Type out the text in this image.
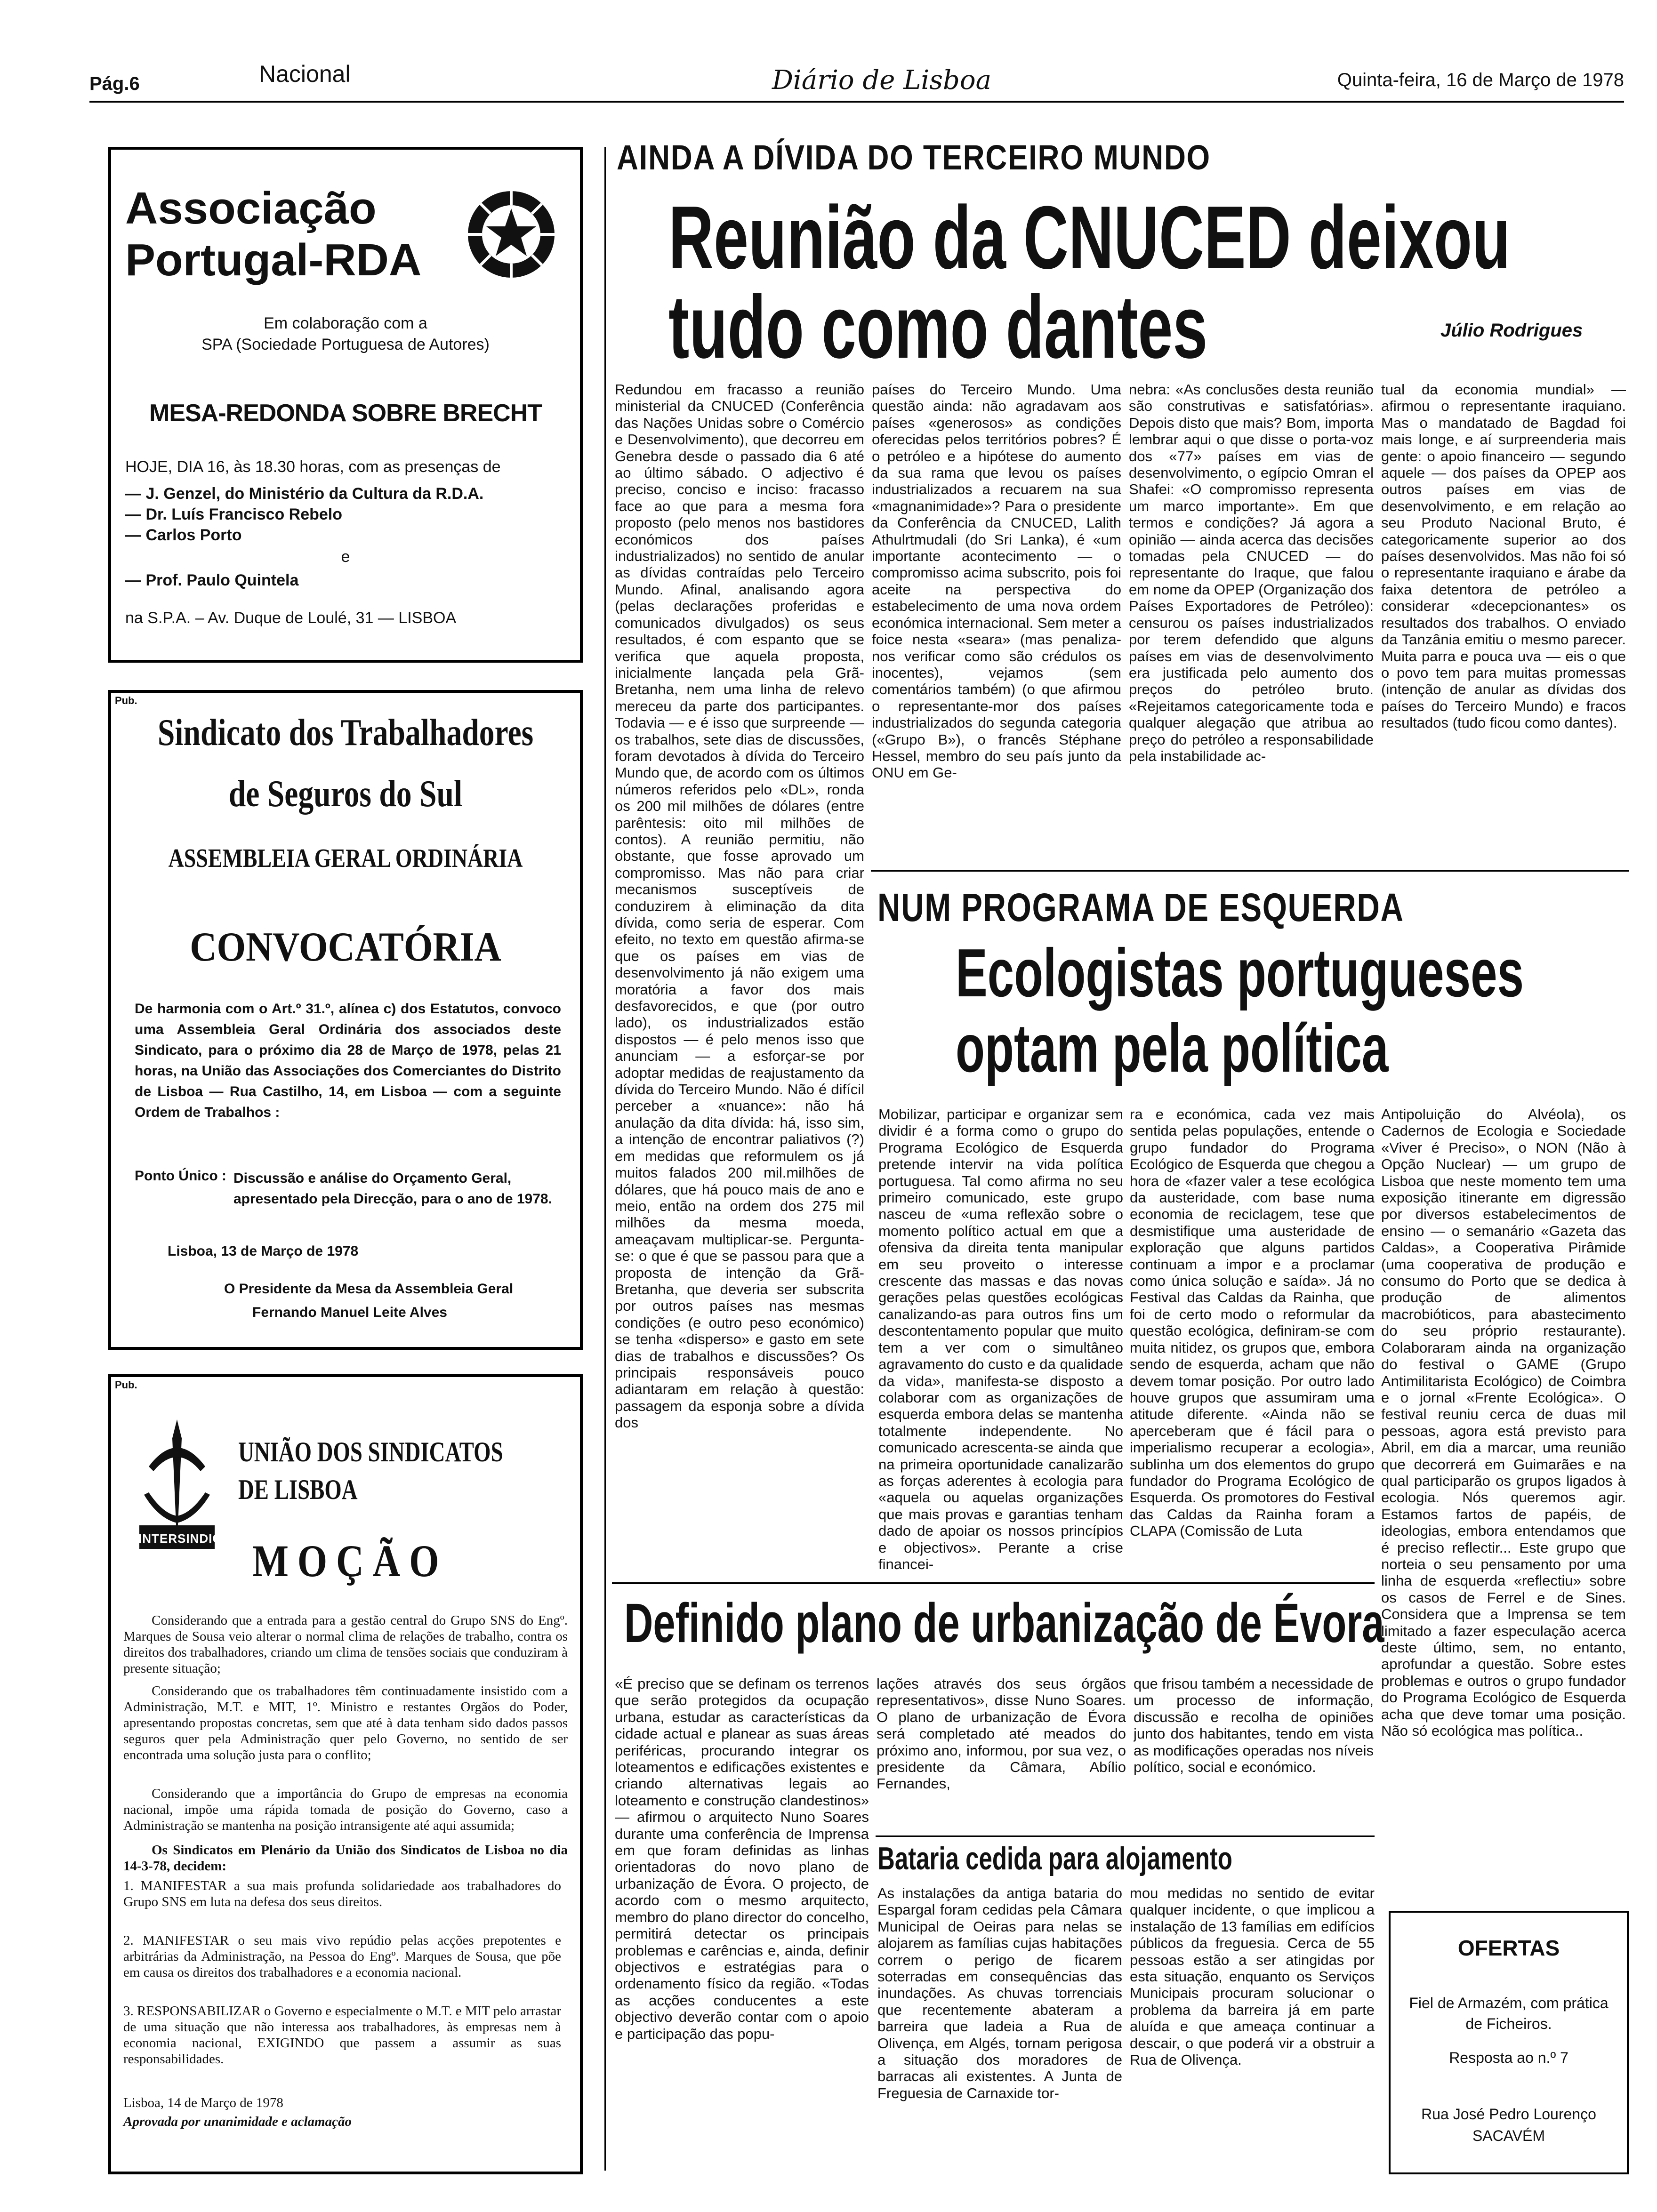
Pág.6	Nacional	Diário de Lisboa	Quinta-feira, 16 de Março de 1978
Associação
Portugal-RDA
Em colaboração com a
SPA (Sociedade Portuguesa de Autores)
MESA-REDONDA SOBRE BRECHT
HOJE, DIA 16, às 18.30 horas, com as presenças de
— J. Genzel, do Ministério da Cultura da R.D.A.
— Dr. Luís Francisco Rebelo
— Carlos Porto
e
— Prof. Paulo Quintela
na S.P.A. – Av. Duque de Loulé, 31 — LISBOA
Pub.
Sindicato dos Trabalhadores
de Seguros do Sul
ASSEMBLEIA GERAL ORDINÁRIA
CONVOCATÓRIA
De harmonia com o Art.º 31.º, alínea c) dos Estatutos, convoco uma Assembleia Geral Ordinária dos associados deste Sindicato, para o próximo dia 28 de Março de 1978, pelas 21 horas, na União das Associações dos Comerciantes do Distrito de Lisboa — Rua Castilho, 14, em Lisboa — com a seguinte Ordem de Trabalhos :
Ponto Único : Discussão e análise do Orçamento Geral, apresentado pela Direcção, para o ano de 1978.
Lisboa, 13 de Março de 1978
O Presidente da Mesa da Assembleia Geral
Fernando Manuel Leite Alves
Pub.
INTERSINDICAL
UNIÃO DOS SINDICATOS
DE LISBOA
MOÇÃO
Considerando que a entrada para a gestão central do Grupo SNS do Engº. Marques de Sousa veio alterar o normal clima de relações de trabalho, contra os direitos dos trabalhadores, criando um clima de tensões sociais que conduziram à presente situação;
Considerando que os trabalhadores têm continuadamente insistido com a Administração, M.T. e MIT, 1º. Ministro e restantes Orgãos do Poder, apresentando propostas concretas, sem que até à data tenham sido dados passos seguros quer pela Administração quer pelo Governo, no sentido de ser encontrada uma solução justa para o conflito;
Considerando que a importância do Grupo de empresas na economia nacional, impõe uma rápida tomada de posição do Governo, caso a Administração se mantenha na posição intransigente até aqui assumida;
Os Sindicatos em Plenário da União dos Sindicatos de Lisboa no dia 14-3-78, decidem:
1. MANIFESTAR a sua mais profunda solidariedade aos trabalhadores do Grupo SNS em luta na defesa dos seus direitos.
2. MANIFESTAR o seu mais vivo repúdio pelas acções prepotentes e arbitrárias da Administração, na Pessoa do Engº. Marques de Sousa, que põe em causa os direitos dos trabalhadores e a economia nacional.
3. RESPONSABILIZAR o Governo e especialmente o M.T. e MIT pelo arrastar de uma situação que não interessa aos trabalhadores, às empresas nem à economia nacional, EXIGINDO que passem a assumir as suas responsabilidades.
Lisboa, 14 de Março de 1978
Aprovada por unanimidade e aclamação
AINDA A DÍVIDA DO TERCEIRO MUNDO
Reunião da CNUCED deixou
tudo como dantes	Júlio Rodrigues
Redundou em fracasso a reunião ministerial da CNUCED (Conferência das Nações Unidas sobre o Comércio e Desenvolvimento), que decorreu em Genebra desde o passado dia 6 até ao último sábado. O adjectivo é preciso, conciso e inciso: fracasso face ao que para a mesma fora proposto (pelo menos nos bastidores económicos dos países industrializados) no sentido de anular as dívidas contraídas pelo Terceiro Mundo. Afinal, analisando agora (pelas declarações proferidas e comunicados divulgados) os seus resultados, é com espanto que se verifica que aquela proposta, inicialmente lançada pela Grã-Bretanha, nem uma linha de relevo mereceu da parte dos participantes. Todavia — e é isso que surpreende — os trabalhos, sete dias de discussões, foram devotados à dívida do Terceiro Mundo que, de acordo com os últimos números referidos pelo «DL», ronda os 200 mil milhões de dólares (entre parêntesis: oito mil milhões de contos). A reunião permitiu, não obstante, que fosse aprovado um compromisso. Mas não para criar mecanismos susceptíveis de conduzirem à eliminação da dita dívida, como seria de esperar. Com efeito, no texto em questão afirma-se que os países em vias de desenvolvimento já não exigem uma moratória a favor dos mais desfavorecidos, e que (por outro lado), os industrializados estão dispostos — é pelo menos isso que anunciam — a esforçar-se por adoptar medidas de reajustamento da dívida do Terceiro Mundo. Não é difícil perceber a «nuance»: não há anulação da dita dívida: há, isso sim, a intenção de encontrar paliativos (?) em medidas que reformulem os já muitos falados 200 mil.milhões de dólares, que há pouco mais de ano e meio, então na ordem dos 275 mil milhões da mesma moeda, ameaçavam multiplicar-se. Pergunta-se: o que é que se passou para que a proposta de intenção da Grã-Bretanha, que deveria ser subscrita por outros países nas mesmas condições (e outro peso económico) se tenha «disperso» e gasto em sete dias de trabalhos e discussões? Os principais responsáveis pouco adiantaram em relação à questão: passagem da esponja sobre a dívida dos
países do Terceiro Mundo. Uma questão ainda: não agradavam aos países «generosos» as condições oferecidas pelos territórios pobres? É o petróleo e a hipótese do aumento da sua rama que levou os países industrializados a recuarem na sua «magnanimidade»? Para o presidente da Conferência da CNUCED, Lalith Athulrtmudali (do Sri Lanka), é «um importante acontecimento — o compromisso acima subscrito, pois foi aceite na perspectiva do estabelecimento de uma nova ordem económica internacional. Sem meter a foice nesta «seara» (mas penaliza-nos verificar como são crédulos os inocentes), vejamos (sem comentários também) (o que afirmou o representante-mor dos países industrializados do segunda categoria («Grupo B»), o francês Stéphane Hessel, membro do seu país junto da ONU em Ge-
nebra: «As conclusões desta reunião são construtivas e satisfatórias». Depois disto que mais? Bom, importa lembrar aqui o que disse o porta-voz dos «77» países em vias de desenvolvimento, o egípcio Omran el Shafei: «O compromisso representa um marco importante». Em que termos e condições? Já agora a opinião — ainda acerca das decisões tomadas pela CNUCED — do representante do Iraque, que falou em nome da OPEP (Organização dos Países Exportadores de Petróleo): censurou os países industrializados por terem defendido que alguns países em vias de desenvolvimento era justificada pelo aumento dos preços do petróleo bruto. «Rejeitamos categoricamente toda e qualquer alegação que atribua ao preço do petróleo a responsabilidade pela instabilidade ac-
tual da economia mundial» — afirmou o representante iraquiano. Mas o mandatado de Bagdad foi mais longe, e aí surpreenderia mais gente: o apoio financeiro — segundo aquele — dos países da OPEP aos outros países em vias de desenvolvimento, e em relação ao seu Produto Nacional Bruto, é categoricamente superior ao dos países desenvolvidos. Mas não foi só o representante iraquiano e árabe da faixa detentora de petróleo a considerar «decepcionantes» os resultados dos trabalhos. O enviado da Tanzânia emitiu o mesmo parecer. Muita parra e pouca uva — eis o que o povo tem para muitas promessas (intenção de anular as dívidas dos países do Terceiro Mundo) e fracos resultados (tudo ficou como dantes).
NUM PROGRAMA DE ESQUERDA
Ecologistas portugueses
optam pela política
Mobilizar, participar e organizar sem dividir é a forma como o grupo do Programa Ecológico de Esquerda pretende intervir na vida política portuguesa. Tal como afirma no seu primeiro comunicado, este grupo nasceu de «uma reflexão sobre o momento político actual em que a ofensiva da direita tenta manipular em seu proveito o interesse crescente das massas e das novas gerações pelas questões ecológicas canalizando-as para outros fins um descontentamento popular que muito tem a ver com o simultâneo agravamento do custo e da qualidade da vida», manifesta-se disposto a colaborar com as organizações de esquerda embora delas se mantenha totalmente independente. No comunicado acrescenta-se ainda que na primeira oportunidade canalizarão as forças aderentes à ecologia para «aquela ou aquelas organizações que mais provas e garantias tenham dado de apoiar os nossos princípios e objectivos». Perante a crise financei-
ra e económica, cada vez mais sentida pelas populações, entende o grupo fundador do Programa Ecológico de Esquerda que chegou a hora de «fazer valer a tese ecológica da austeridade, com base numa economia de reciclagem, tese que desmistifique uma austeridade de exploração que alguns partidos continuam a impor e a proclamar como única solução e saída». Já no Festival das Caldas da Rainha, que foi de certo modo o reformular da questão ecológica, definiram-se com muita nitidez, os grupos que, embora sendo de esquerda, acham que não devem tomar posição. Por outro lado houve grupos que assumiram uma atitude diferente. «Ainda não se aperceberam que é fácil para o imperialismo recuperar a ecologia», sublinha um dos elementos do grupo fundador do Programa Ecológico de Esquerda. Os promotores do Festival das Caldas da Rainha foram a CLAPA (Comissão de Luta
Antipoluição do Alvéola), os Cadernos de Ecologia e Sociedade «Viver é Preciso», o NON (Não à Opção Nuclear) — um grupo de Lisboa que neste momento tem uma exposição itinerante em digressão por diversos estabelecimentos de ensino — o semanário «Gazeta das Caldas», a Cooperativa Pirâmide (uma cooperativa de produção e consumo do Porto que se dedica à produção de alimentos macrobióticos, para abastecimento do seu próprio restaurante). Colaboraram ainda na organização do festival o GAME (Grupo Antimilitarista Ecológico) de Coimbra e o jornal «Frente Ecológica». O festival reuniu cerca de duas mil pessoas, agora está previsto para Abril, em dia a marcar, uma reunião que decorrerá em Guimarães e na qual participarão os grupos ligados à ecologia. Nós queremos agir. Estamos fartos de papéis, de ideologias, embora entendamos que é preciso reflectir... Este grupo que norteia o seu pensamento por uma linha de esquerda «reflectiu» sobre os casos de Ferrel e de Sines. Considera que a Imprensa se tem limitado a fazer especulação acerca deste último, sem, no entanto, aprofundar a questão. Sobre estes problemas e outros o grupo fundador do Programa Ecológico de Esquerda acha que deve tomar uma posição. Não só ecológica mas política..
Definido plano de urbanização de Évora
«É preciso que se definam os terrenos que serão protegidos da ocupação urbana, estudar as características da cidade actual e planear as suas áreas periféricas, procurando integrar os loteamentos e edificações existentes e criando alternativas legais ao loteamento e construção clandestinos» — afirmou o arquitecto Nuno Soares durante uma conferência de Imprensa em que foram definidas as linhas orientadoras do novo plano de urbanização de Évora. O projecto, de acordo com o mesmo arquitecto, membro do plano director do concelho, permitirá detectar os principais problemas e carências e, ainda, definir objectivos e estratégias para o ordenamento físico da região. «Todas as acções conducentes a este objectivo deverão contar com o apoio e participação das popu-
lações através dos seus órgãos representativos», disse Nuno Soares. O plano de urbanização de Évora será completado até meados do próximo ano, informou, por sua vez, o presidente da Câmara, Abílio Fernandes,
que frisou também a necessidade de um processo de informação, discussão e recolha de opiniões junto dos habitantes, tendo em vista as modificações operadas nos níveis político, social e económico.
Bataria cedida para alojamento
As instalações da antiga bataria do Espargal foram cedidas pela Câmara Municipal de Oeiras para nelas se alojarem as famílias cujas habitações correm o perigo de ficarem soterradas em consequências das inundações. As chuvas torrenciais que recentemente abateram a barreira que ladeia a Rua de Olivença, em Algés, tornam perigosa a situação dos moradores de barracas ali existentes. A Junta de Freguesia de Carnaxide tor-
mou medidas no sentido de evitar qualquer incidente, o que implicou a instalação de 13 famílias em edifícios públicos da freguesia. Cerca de 55 pessoas estão a ser atingidas por esta situação, enquanto os Serviços Municipais procuram solucionar o problema da barreira já em parte aluída e que ameaça continuar a descair, o que poderá vir a obstruir a Rua de Olivença.
OFERTAS
Fiel de Armazém, com prática de Ficheiros.
Resposta ao n.º 7
Rua José Pedro Lourenço
SACAVÉM
